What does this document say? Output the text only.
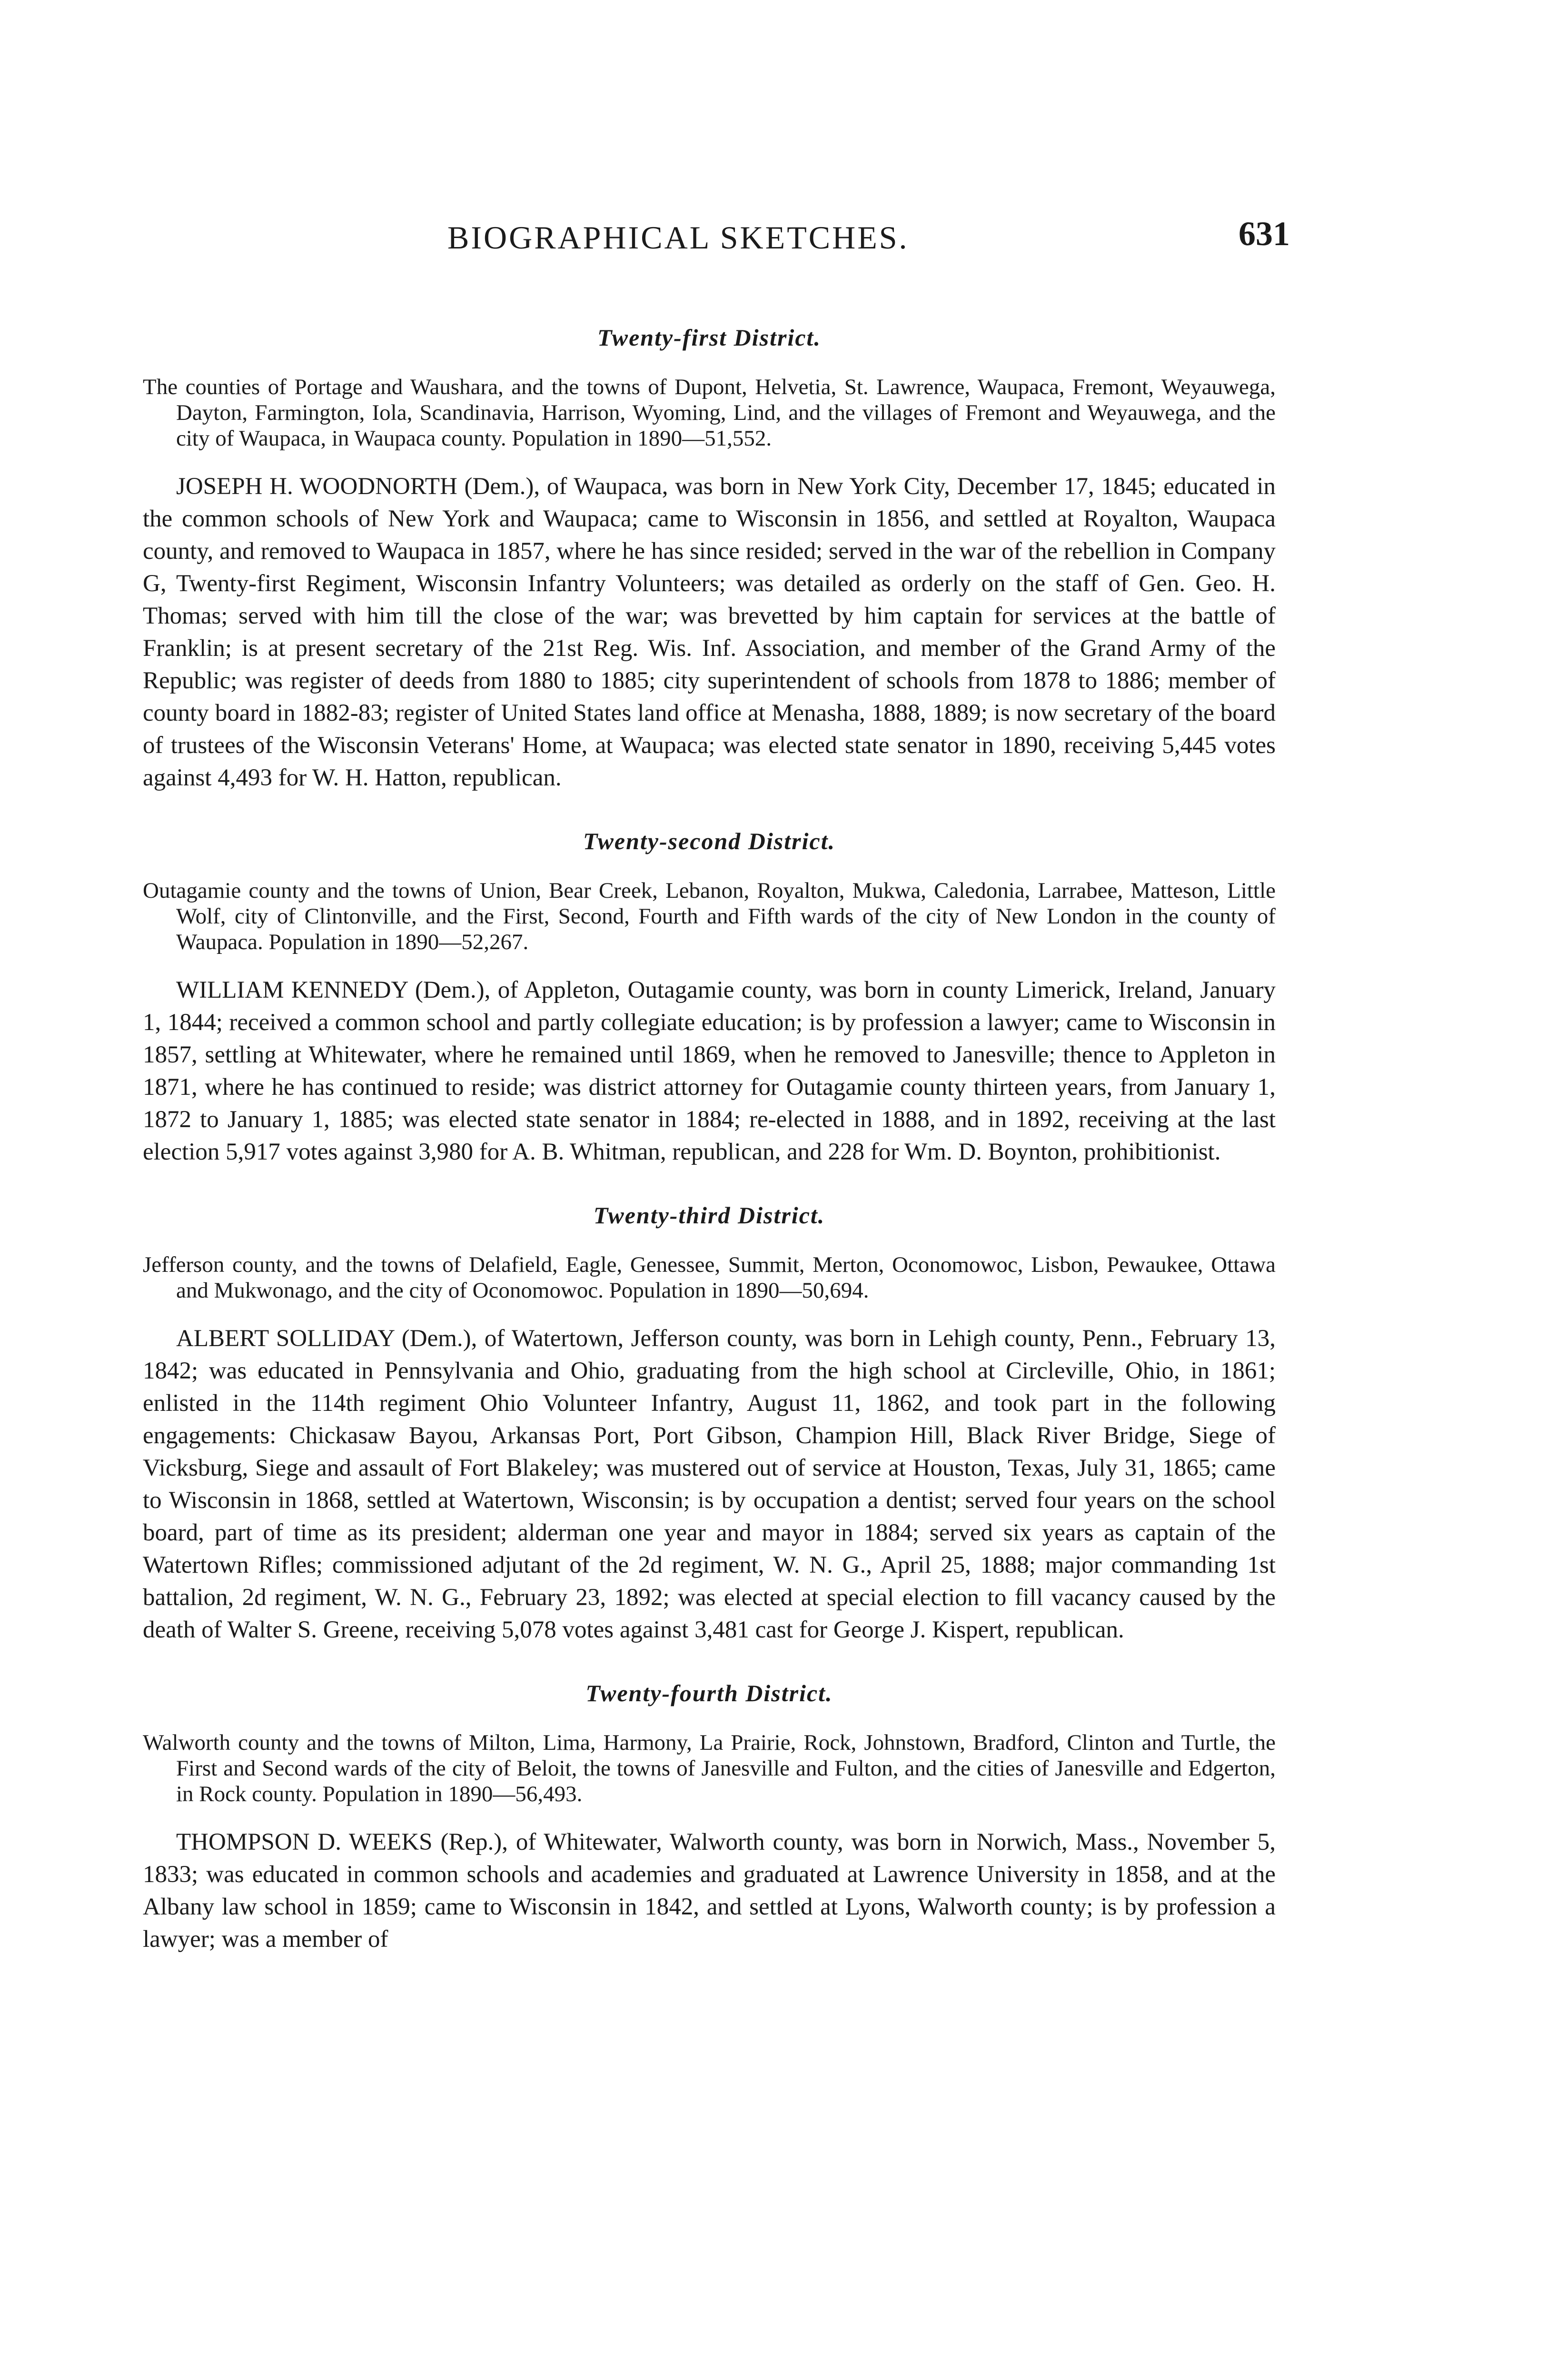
BIOGRAPHICAL SKETCHES.	631
Twenty-first District.

The counties of Portage and Waushara, and the towns of Dupont, Helvetia, St. Lawrence, Waupaca, Fremont, Weyauwega, Dayton, Farmington, Iola, Scandinavia, Harrison, Wyoming, Lind, and the villages of Fremont and Weyauwega, and the city of Waupaca, in Waupaca county. Population in 1890—51,552.

JOSEPH H. WOODNORTH (Dem.), of Waupaca, was born in New York City, December 17, 1845; educated in the common schools of New York and Waupaca; came to Wisconsin in 1856, and settled at Royalton, Waupaca county, and removed to Waupaca in 1857, where he has since resided; served in the war of the rebellion in Company G, Twenty-first Regiment, Wisconsin Infantry Volunteers; was detailed as orderly on the staff of Gen. Geo. H. Thomas; served with him till the close of the war; was brevetted by him captain for services at the battle of Franklin; is at present secretary of the 21st Reg. Wis. Inf. Association, and member of the Grand Army of the Republic; was register of deeds from 1880 to 1885; city superintendent of schools from 1878 to 1886; member of county board in 1882-83; register of United States land office at Menasha, 1888, 1889; is now secretary of the board of trustees of the Wisconsin Veterans' Home, at Waupaca; was elected state senator in 1890, receiving 5,445 votes against 4,493 for W. H. Hatton, republican.

Twenty-second District.

Outagamie county and the towns of Union, Bear Creek, Lebanon, Royalton, Mukwa, Caledonia, Larrabee, Matteson, Little Wolf, city of Clintonville, and the First, Second, Fourth and Fifth wards of the city of New London in the county of Waupaca. Population in 1890—52,267.

WILLIAM KENNEDY (Dem.), of Appleton, Outagamie county, was born in county Limerick, Ireland, January 1, 1844; received a common school and partly collegiate education; is by profession a lawyer; came to Wisconsin in 1857, settling at Whitewater, where he remained until 1869, when he removed to Janesville; thence to Appleton in 1871, where he has continued to reside; was district attorney for Outagamie county thirteen years, from January 1, 1872 to January 1, 1885; was elected state senator in 1884; re-elected in 1888, and in 1892, receiving at the last election 5,917 votes against 3,980 for A. B. Whitman, republican, and 228 for Wm. D. Boynton, prohibitionist.

Twenty-third District.

Jefferson county, and the towns of Delafield, Eagle, Genessee, Summit, Merton, Oconomowoc, Lisbon, Pewaukee, Ottawa and Mukwonago, and the city of Oconomowoc. Population in 1890—50,694.

ALBERT SOLLIDAY (Dem.), of Watertown, Jefferson county, was born in Lehigh county, Penn., February 13, 1842; was educated in Pennsylvania and Ohio, graduating from the high school at Circleville, Ohio, in 1861; enlisted in the 114th regiment Ohio Volunteer Infantry, August 11, 1862, and took part in the following engagements: Chickasaw Bayou, Arkansas Port, Port Gibson, Champion Hill, Black River Bridge, Siege of Vicksburg, Siege and assault of Fort Blakeley; was mustered out of service at Houston, Texas, July 31, 1865; came to Wisconsin in 1868, settled at Watertown, Wisconsin; is by occupation a dentist; served four years on the school board, part of time as its president; alderman one year and mayor in 1884; served six years as captain of the Watertown Rifles; commissioned adjutant of the 2d regiment, W. N. G., April 25, 1888; major commanding 1st battalion, 2d regiment, W. N. G., February 23, 1892; was elected at special election to fill vacancy caused by the death of Walter S. Greene, receiving 5,078 votes against 3,481 cast for George J. Kispert, republican.

Twenty-fourth District.

Walworth county and the towns of Milton, Lima, Harmony, La Prairie, Rock, Johnstown, Bradford, Clinton and Turtle, the First and Second wards of the city of Beloit, the towns of Janesville and Fulton, and the cities of Janesville and Edgerton, in Rock county. Population in 1890—56,493.

THOMPSON D. WEEKS (Rep.), of Whitewater, Walworth county, was born in Norwich, Mass., November 5, 1833; was educated in common schools and academies and graduated at Lawrence University in 1858, and at the Albany law school in 1859; came to Wisconsin in 1842, and settled at Lyons, Walworth county; is by profession a lawyer; was a member of
